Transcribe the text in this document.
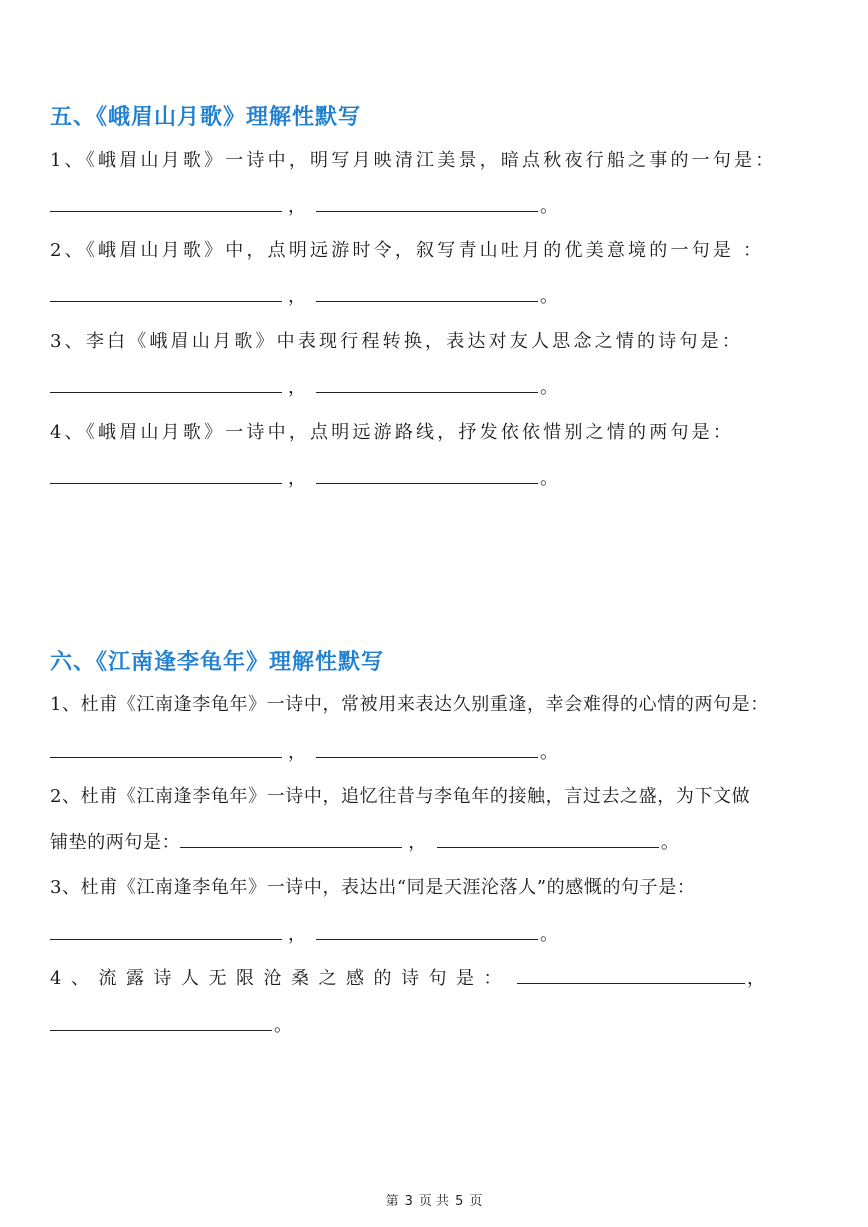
五、《峨眉山月歌》理解性默写
1、《峨眉山月歌》一诗中，明写月映清江美景，暗点秋夜行船之事的一句是：
，	。
2、《峨眉山月歌》中，点明远游时令，叙写青山吐月的优美意境的一句是 ：
，	。
3、李白《峨眉山月歌》中表现行程转换，表达对友人思念之情的诗句是：
，	。
4、《峨眉山月歌》一诗中，点明远游路线，抒发依依惜别之情的两句是：
，	。
六、《江南逢李龟年》理解性默写
1、杜甫《江南逢李龟年》一诗中，常被用来表达久别重逢，幸会难得的心情的两句是：
，	。
2、杜甫《江南逢李龟年》一诗中，追忆往昔与李龟年的接触，言过去之盛，为下文做
铺垫的两句是：	，	。
3、杜甫《江南逢李龟年》一诗中，表达出“同是天涯沦落人”的感慨的句子是：
，	。
4、流露诗人无限沧桑之感的诗句是：	，
。
第 3 页 共 5 页
